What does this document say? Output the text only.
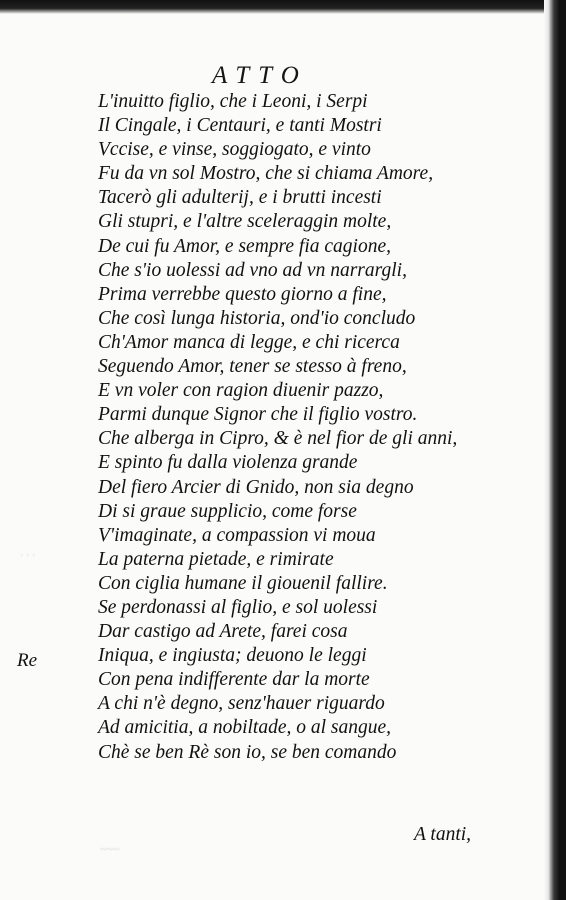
· · ·
~~~
ATTO
Re
L'inuitto figlio, che i Leoni, i Serpi
Il Cingale, i Centauri, e tanti Mostri
Vccise, e vinse, soggiogato, e vinto
Fu da vn sol Mostro, che si chiama Amore,
Tacerò gli adulterij, e i brutti incesti
Gli stupri, e l'altre sceleraggin molte,
De cui fu Amor, e sempre fia cagione,
Che s'io uolessi ad vno ad vn narrargli,
Prima verrebbe questo giorno a fine,
Che così lunga historia, ond'io concludo
Ch'Amor manca di legge, e chi ricerca
Seguendo Amor, tener se stesso à freno,
E vn voler con ragion diuenir pazzo,
Parmi dunque Signor che il figlio vostro.
Che alberga in Cipro, & è nel fior de gli anni,
E spinto fu dalla violenza grande
Del fiero Arcier di Gnido, non sia degno
Di si graue supplicio, come forse
V'imaginate, a compassion vi moua
La paterna pietade, e rimirate
Con ciglia humane il giouenil fallire.
Se perdonassi al figlio, e sol uolessi
Dar castigo ad Arete, farei cosa
Iniqua, e ingiusta; deuono le leggi
Con pena indifferente dar la morte
A chi n'è degno, senz'hauer riguardo
Ad amicitia, a nobiltade, o al sangue,
Chè se ben Rè son io, se ben comando
A tanti,
